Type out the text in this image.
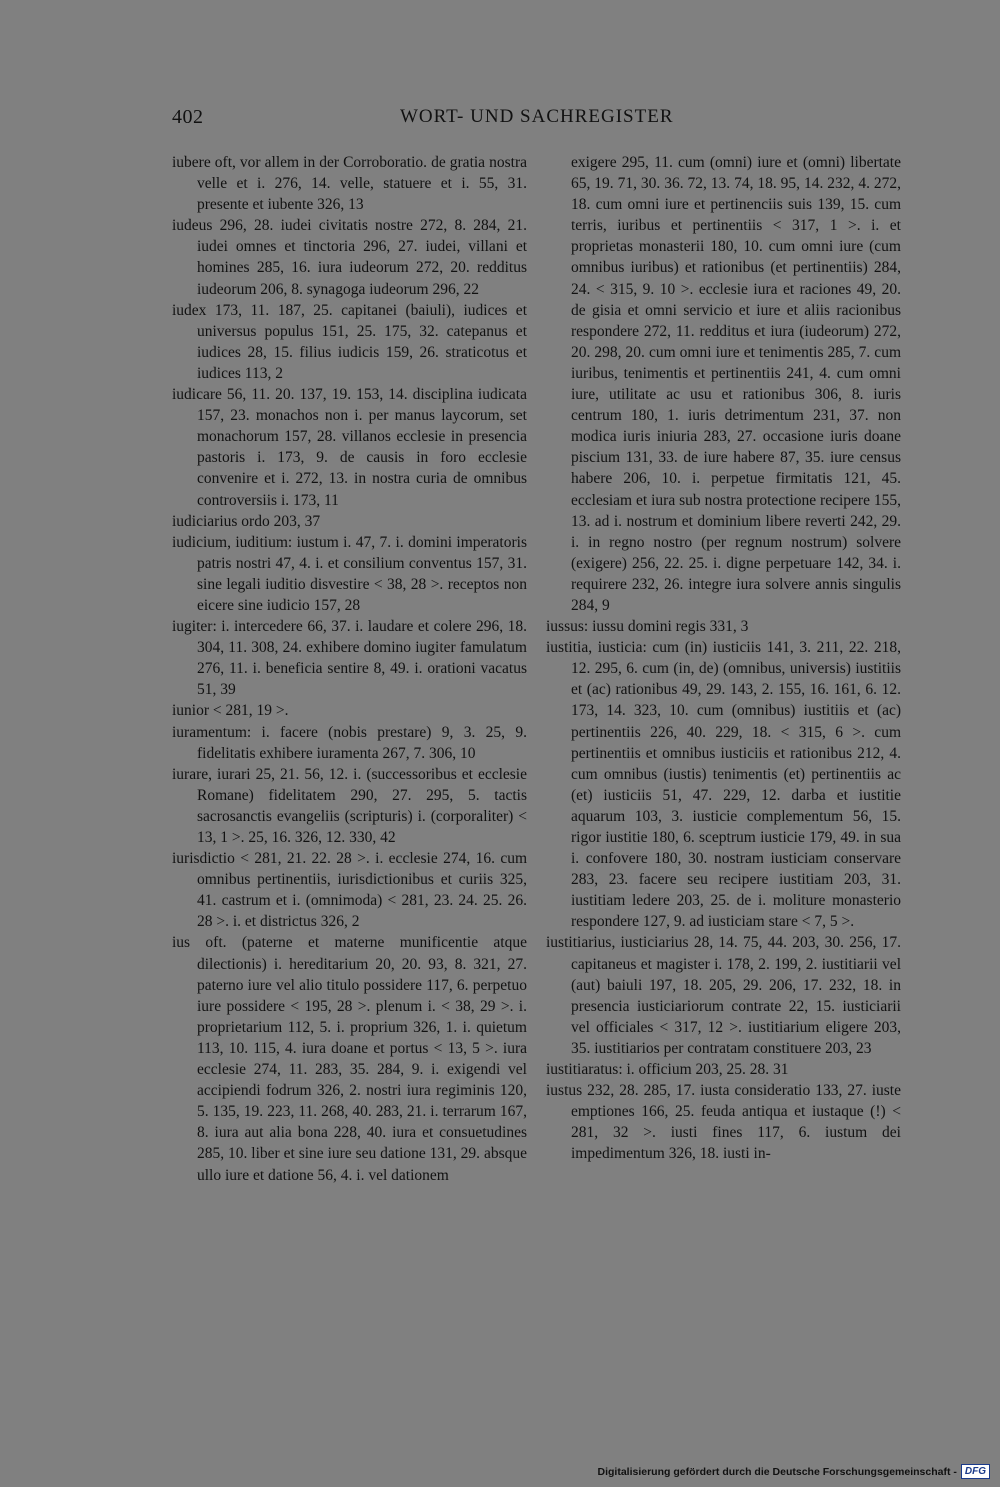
402	WORT- UND SACHREGISTER

iubere oft, vor allem in der Corroboratio. de gratia nostra velle et i. 276, 14. velle, statuere et i. 55, 31. presente et iubente 326, 13

iudeus 296, 28. iudei civitatis nostre 272, 8. 284, 21. iudei omnes et tinctoria 296, 27. iudei, villani et homines 285, 16. iura iudeorum 272, 20. redditus iudeorum 206, 8. synagoga iudeorum 296, 22

iudex 173, 11. 187, 25. capitanei (baiuli), iudices et universus populus 151, 25. 175, 32. catepanus et iudices 28, 15. filius iudicis 159, 26. straticotus et iudices 113, 2

iudicare 56, 11. 20. 137, 19. 153, 14. disciplina iudicata 157, 23. monachos non i. per manus laycorum, set monachorum 157, 28. villanos ecclesie in presencia pastoris i. 173, 9. de causis in foro ecclesie convenire et i. 272, 13. in nostra curia de omnibus controversiis i. 173, 11

iudiciarius ordo 203, 37

iudicium, iuditium: iustum i. 47, 7. i. domini imperatoris patris nostri 47, 4. i. et consilium conventus 157, 31. sine legali iuditio disvestire < 38, 28 >. receptos non eicere sine iudicio 157, 28

iugiter: i. intercedere 66, 37. i. laudare et colere 296, 18. 304, 11. 308, 24. exhibere domino iugiter famulatum 276, 11. i. beneficia sentire 8, 49. i. orationi vacatus 51, 39

iunior < 281, 19 >.

iuramentum: i. facere (nobis prestare) 9, 3. 25, 9. fidelitatis exhibere iuramenta 267, 7. 306, 10

iurare, iurari 25, 21. 56, 12. i. (successoribus et ecclesie Romane) fidelitatem 290, 27. 295, 5. tactis sacrosanctis evangeliis (scripturis) i. (corporaliter) < 13, 1 >. 25, 16. 326, 12. 330, 42

iurisdictio < 281, 21. 22. 28 >. i. ecclesie 274, 16. cum omnibus pertinentiis, iurisdictionibus et curiis 325, 41. castrum et i. (omnimoda) < 281, 23. 24. 25. 26. 28 >. i. et districtus 326, 2

ius oft. (paterne et materne munificentie atque dilectionis) i. hereditarium 20, 20. 93, 8. 321, 27. paterno iure vel alio titulo possidere 117, 6. perpetuo iure possidere < 195, 28 >. plenum i. < 38, 29 >. i. proprietarium 112, 5. i. proprium 326, 1. i. quietum 113, 10. 115, 4. iura doane et portus < 13, 5 >. iura ecclesie 274, 11. 283, 35. 284, 9. i. exigendi vel accipiendi fodrum 326, 2. nostri iura regiminis 120, 5. 135, 19. 223, 11. 268, 40. 283, 21. i. terrarum 167, 8. iura aut alia bona 228, 40. iura et consuetudines 285, 10. liber et sine iure seu datione 131, 29. absque ullo iure et datione 56, 4. i. vel dationem

exigere 295, 11. cum (omni) iure et (omni) libertate 65, 19. 71, 30. 36. 72, 13. 74, 18. 95, 14. 232, 4. 272, 18. cum omni iure et pertinenciis suis 139, 15. cum terris, iuribus et pertinentiis < 317, 1 >. i. et proprietas monasterii 180, 10. cum omni iure (cum omnibus iuribus) et rationibus (et pertinentiis) 284, 24. < 315, 9. 10 >. ecclesie iura et raciones 49, 20. de gisia et omni servicio et iure et aliis racionibus respondere 272, 11. redditus et iura (iudeorum) 272, 20. 298, 20. cum omni iure et tenimentis 285, 7. cum iuribus, tenimentis et pertinentiis 241, 4. cum omni iure, utilitate ac usu et rationibus 306, 8. iuris centrum 180, 1. iuris detrimentum 231, 37. non modica iuris iniuria 283, 27. occasione iuris doane piscium 131, 33. de iure habere 87, 35. iure census habere 206, 10. i. perpetue firmitatis 121, 45. ecclesiam et iura sub nostra protectione recipere 155, 13. ad i. nostrum et dominium libere reverti 242, 29. i. in regno nostro (per regnum nostrum) solvere (exigere) 256, 22. 25. i. digne perpetuare 142, 34. i. requirere 232, 26. integre iura solvere annis singulis 284, 9

iussus: iussu domini regis 331, 3

iustitia, iusticia: cum (in) iusticiis 141, 3. 211, 22. 218, 12. 295, 6. cum (in, de) (omnibus, universis) iustitiis et (ac) rationibus 49, 29. 143, 2. 155, 16. 161, 6. 12. 173, 14. 323, 10. cum (omnibus) iustitiis et (ac) pertinentiis 226, 40. 229, 18. < 315, 6 >. cum pertinentiis et omnibus iusticiis et rationibus 212, 4. cum omnibus (iustis) tenimentis (et) pertinentiis ac (et) iusticiis 51, 47. 229, 12. darba et iustitie aquarum 103, 3. iusticie complementum 56, 15. rigor iustitie 180, 6. sceptrum iusticie 179, 49. in sua i. confovere 180, 30. nostram iusticiam conservare 283, 23. facere seu recipere iustitiam 203, 31. iustitiam ledere 203, 25. de i. moliture monasterio respondere 127, 9. ad iusticiam stare < 7, 5 >.

iustitiarius, iusticiarius 28, 14. 75, 44. 203, 30. 256, 17. capitaneus et magister i. 178, 2. 199, 2. iustitiarii vel (aut) baiuli 197, 18. 205, 29. 206, 17. 232, 18. in presencia iusticiariorum contrate 22, 15. iusticiarii vel officiales < 317, 12 >. iustitiarium eligere 203, 35. iustitiarios per contratam constituere 203, 23

iustitiaratus: i. officium 203, 25. 28. 31

iustus 232, 28. 285, 17. iusta consideratio 133, 27. iuste emptiones 166, 25. feuda antiqua et iustaque (!) < 281, 32 >. iusti fines 117, 6. iustum dei impedimentum 326, 18. iusti in-

Digitalisierung gefördert durch die Deutsche Forschungsgemeinschaft - DFG
